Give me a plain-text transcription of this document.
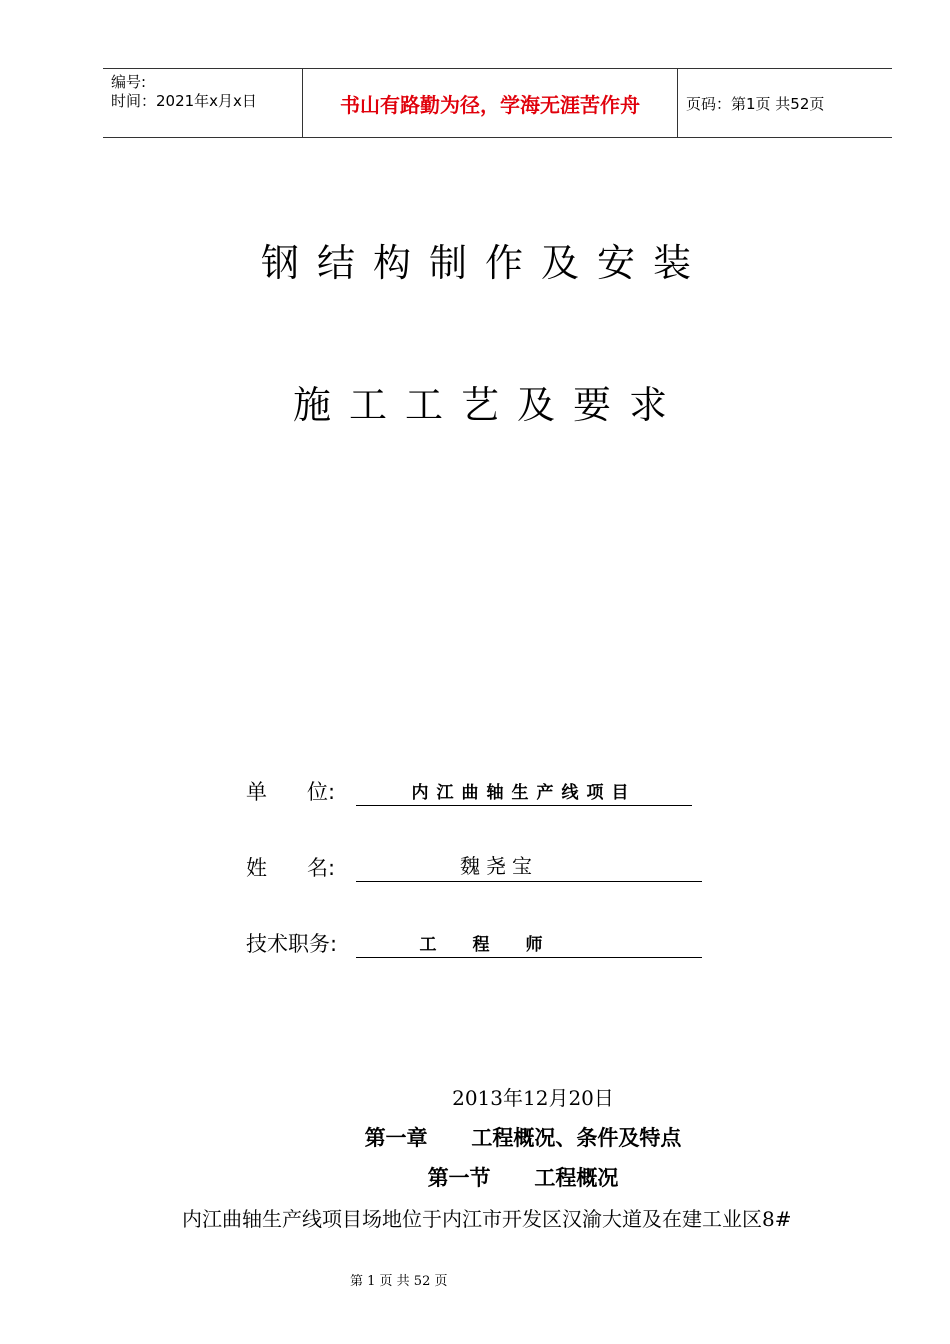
编号:
时间：2021年x月x日	书山有路勤为径，学海无涯苦作舟	页码：第1页 共52页
钢结构制作及安装
施工工艺及要求
单      位:	内江曲轴生产线项目
姓      名:	魏尧宝
技术职务:	工程师
2013年12月20日
第一章      工程概况、条件及特点
第一节      工程概况
内江曲轴生产线项目场地位于内江市开发区汉渝大道及在建工业区8#
第 1 页 共 52 页
